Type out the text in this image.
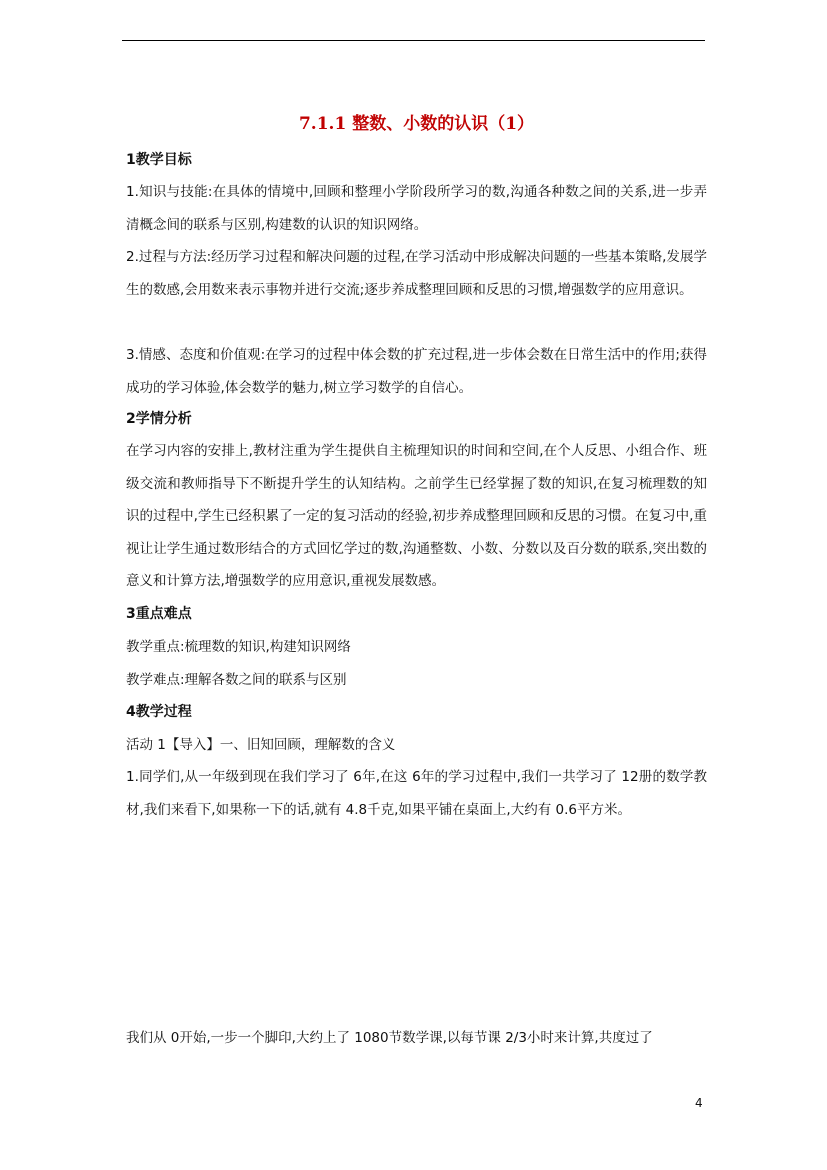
7.1.1 整数、小数的认识（1）
1教学目标
1.知识与技能:在具体的情境中,回顾和整理小学阶段所学习的数,沟通各种数之间的关系,进一步弄清概念间的联系与区别,构建数的认识的知识网络。
2.过程与方法:经历学习过程和解决问题的过程,在学习活动中形成解决问题的一些基本策略,发展学生的数感,会用数来表示事物并进行交流;逐步养成整理回顾和反思的习惯,增强数学的应用意识。
3.情感、态度和价值观:在学习的过程中体会数的扩充过程,进一步体会数在日常生活中的作用;获得成功的学习体验,体会数学的魅力,树立学习数学的自信心。
2学情分析
在学习内容的安排上,教材注重为学生提供自主梳理知识的时间和空间,在个人反思、小组合作、班级交流和教师指导下不断提升学生的认知结构。之前学生已经掌握了数的知识,在复习梳理数的知识的过程中,学生已经积累了一定的复习活动的经验,初步养成整理回顾和反思的习惯。在复习中,重视让让学生通过数形结合的方式回忆学过的数,沟通整数、小数、分数以及百分数的联系,突出数的意义和计算方法,增强数学的应用意识,重视发展数感。
3重点难点
教学重点:梳理数的知识,构建知识网络
教学难点:理解各数之间的联系与区别
4教学过程
活动 1【导入】一、旧知回顾，理解数的含义
1.同学们,从一年级到现在我们学习了 6年,在这 6年的学习过程中,我们一共学习了 12册的数学教材,我们来看下,如果称一下的话,就有 4.8千克,如果平铺在桌面上,大约有 0.6平方米。
我们从 0开始,一步一个脚印,大约上了 1080节数学课,以每节课 2/3小时来计算,共度过了
4
